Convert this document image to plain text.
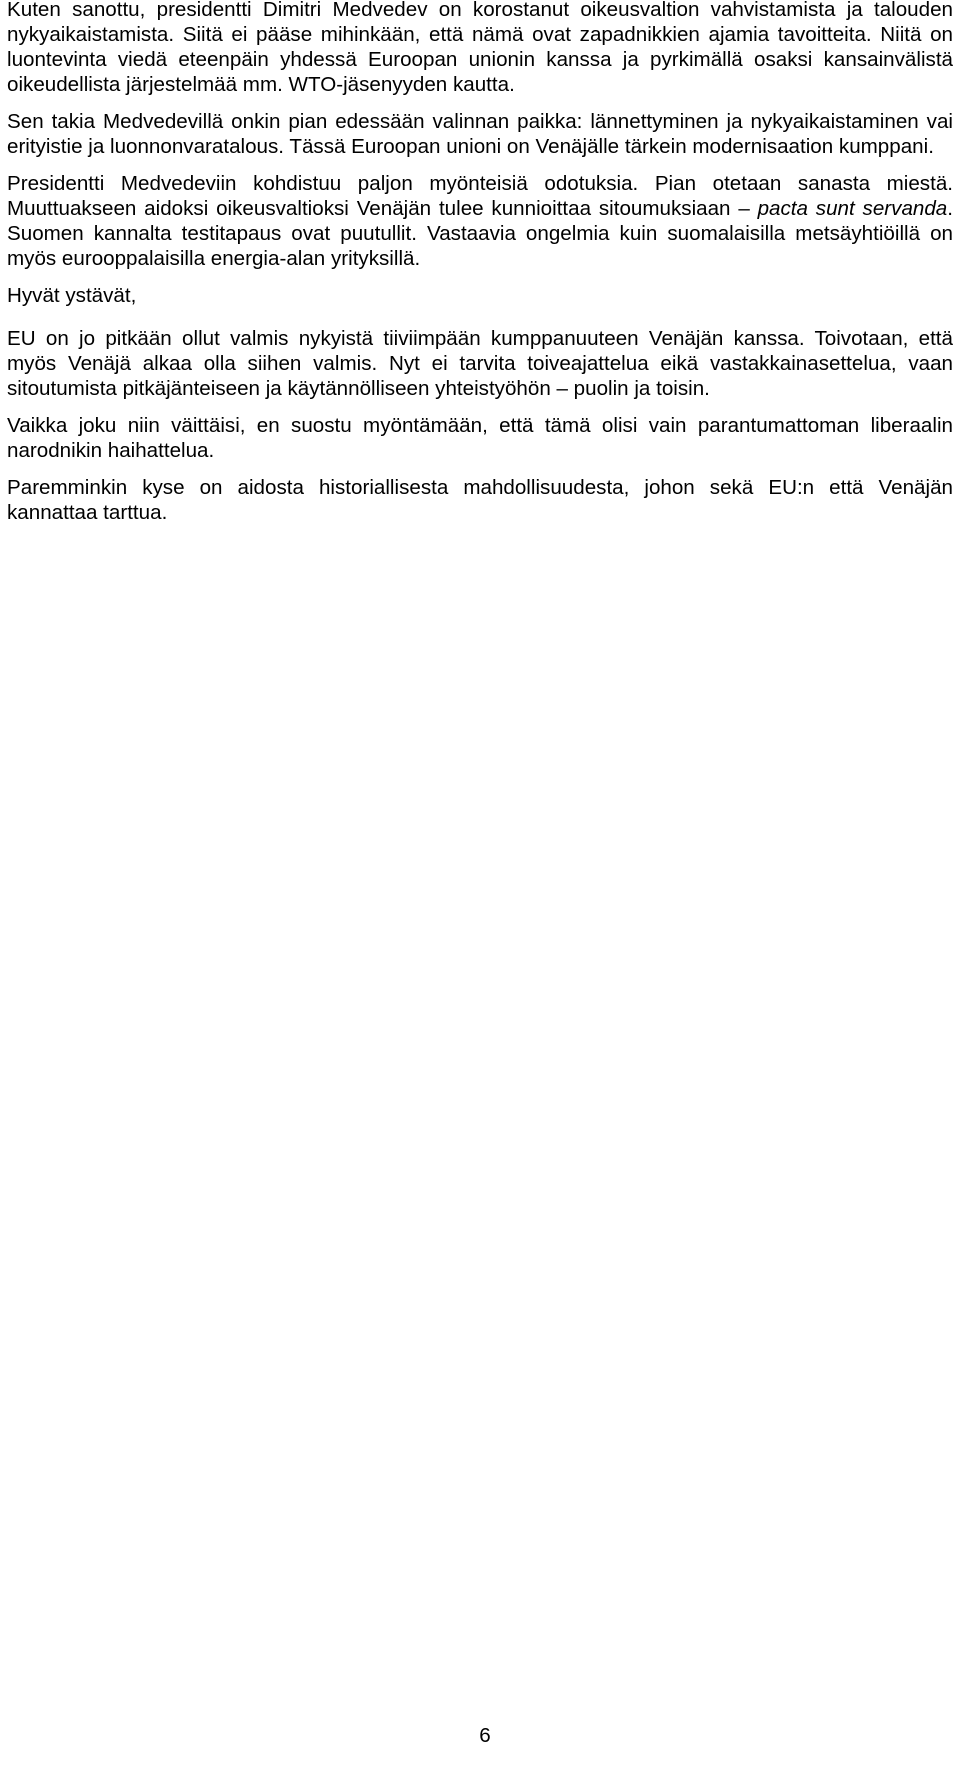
Kuten sanottu, presidentti Dimitri Medvedev on korostanut oikeusvaltion vahvistamista ja talouden nykyaikaistamista. Siitä ei pääse mihinkään, että nämä ovat zapadnikkien ajamia tavoitteita. Niitä on luontevinta viedä eteenpäin yhdessä Euroopan unionin kanssa ja pyrkimällä osaksi kansainvälistä oikeudellista järjestelmää mm. WTO-jäsenyyden kautta.

Sen takia Medvedevillä onkin pian edessään valinnan paikka: lännettyminen ja nykyaikaistaminen vai erityistie ja luonnonvaratalous. Tässä Euroopan unioni on Venäjälle tärkein modernisaation kumppani.

Presidentti Medvedeviin kohdistuu paljon myönteisiä odotuksia. Pian otetaan sanasta miestä. Muuttuakseen aidoksi oikeusvaltioksi Venäjän tulee kunnioittaa sitoumuksiaan – pacta sunt servanda. Suomen kannalta testitapaus ovat puutullit. Vastaavia ongelmia kuin suomalaisilla metsäyhtiöillä on myös eurooppalaisilla energia-alan yrityksillä.

Hyvät ystävät,

EU on jo pitkään ollut valmis nykyistä tiiviimpään kumppanuuteen Venäjän kanssa. Toivotaan, että myös Venäjä alkaa olla siihen valmis. Nyt ei tarvita toiveajattelua eikä vastakkainasettelua, vaan sitoutumista pitkäjänteiseen ja käytännölliseen yhteistyöhön – puolin ja toisin.

Vaikka joku niin väittäisi, en suostu myöntämään, että tämä olisi vain parantumattoman liberaalin narodnikin haihattelua.

Paremminkin kyse on aidosta historiallisesta mahdollisuudesta, johon sekä EU:n että Venäjän kannattaa tarttua.

6
